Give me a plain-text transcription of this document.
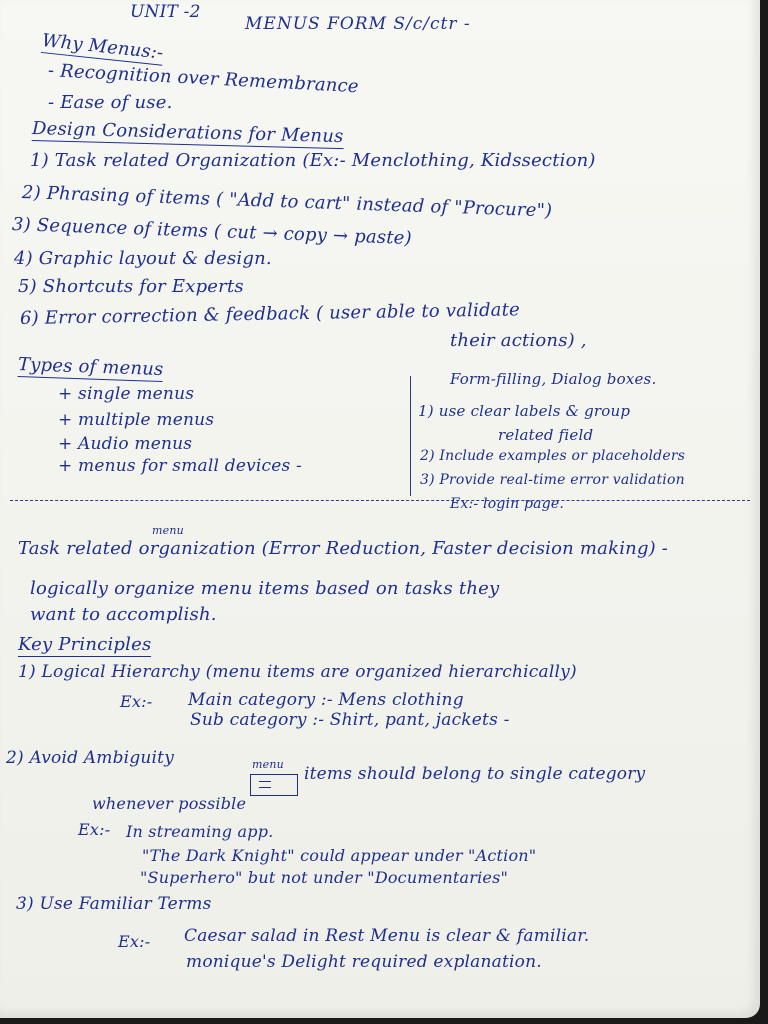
UNIT -2
MENUS FORM S/c/ctr -
Why Menus:-
- Recognition over Remembrance
- Ease of use.
Design Considerations for Menus
1) Task related Organization (Ex:- Menclothing, Kidssection)
2) Phrasing of items ( "Add to cart" instead of "Procure")
3) Sequence of items ( cut → copy → paste)
4) Graphic layout & design.
5) Shortcuts for Experts
6) Error correction & feedback ( user able to validate
their actions) ,
Types of menus
+ single menus
+ multiple menus
+ Audio menus
+ menus for small devices -
Form-filling, Dialog boxes.
1) use clear labels & group
related field
2) Include examples or placeholders
3) Provide real-time error validation
Ex:- login page.
menu
Task related organization (Error Reduction, Faster decision making) -
logically organize menu items based on tasks they
want to accomplish.
Key Principles
1) Logical Hierarchy (menu items are organized hierarchically)
Ex:- Main category :- Mens clothing
Sub category :- Shirt, pant, jackets -
2) Avoid Ambiguity	menu items should belong to single category
whenever possible
Ex:- In streaming app.
"The Dark Knight" could appear under "Action"
"Superhero" but not under "Documentaries"
3) Use Familiar Terms
Ex:- Caesar salad in Rest Menu is clear & familiar.
monique's Delight required explanation.
